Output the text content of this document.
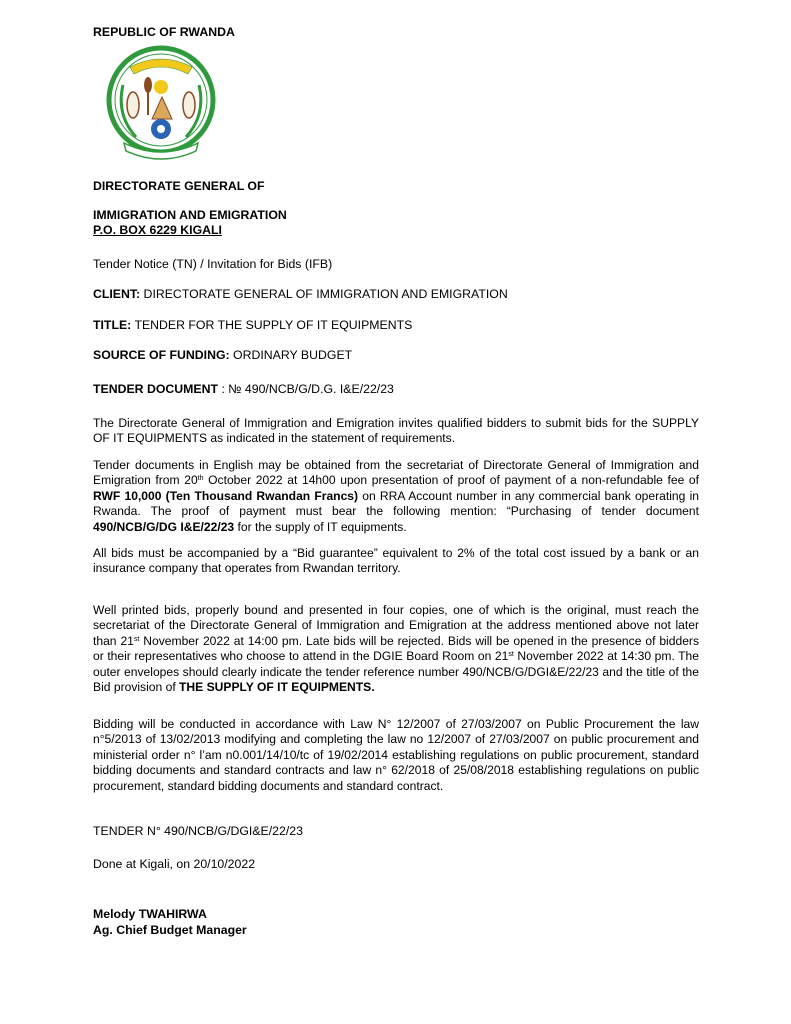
REPUBLIC OF RWANDA
DIRECTORATE GENERAL OF
IMMIGRATION AND EMIGRATION
P.O. BOX 6229 KIGALI
Tender Notice (TN) / Invitation for Bids (IFB)
CLIENT: DIRECTORATE GENERAL OF IMMIGRATION AND EMIGRATION
TITLE: TENDER FOR THE SUPPLY OF IT EQUIPMENTS
SOURCE OF FUNDING: ORDINARY BUDGET
TENDER DOCUMENT : № 490/NCB/G/D.G. I&E/22/23
The Directorate General of Immigration and Emigration invites qualified bidders to submit bids for the SUPPLY OF IT EQUIPMENTS as indicated in the statement of requirements.
Tender documents in English may be obtained from the secretariat of Directorate General of Immigration and Emigration from 20th October 2022 at 14h00 upon presentation of proof of payment of a non-refundable fee of RWF 10,000 (Ten Thousand Rwandan Francs) on RRA Account number in any commercial bank operating in Rwanda. The proof of payment must bear the following mention: “Purchasing of tender document 490/NCB/G/DG I&E/22/23 for the supply of IT equipments.
All bids must be accompanied by a “Bid guarantee” equivalent to 2% of the total cost issued by a bank or an insurance company that operates from Rwandan territory.
Well printed bids, properly bound and presented in four copies, one of which is the original, must reach the secretariat of the Directorate General of Immigration and Emigration at the address mentioned above not later than 21st November 2022 at 14:00 pm. Late bids will be rejected. Bids will be opened in the presence of bidders or their representatives who choose to attend in the DGIE Board Room on 21st November 2022 at 14:30 pm. The outer envelopes should clearly indicate the tender reference number 490/NCB/G/DGI&E/22/23 and the title of the Bid provision of THE SUPPLY OF IT EQUIPMENTS.
Bidding will be conducted in accordance with Law N° 12/2007 of 27/03/2007 on Public Procurement the law n°5/2013 of 13/02/2013 modifying and completing the law no 12/2007 of 27/03/2007 on public procurement and ministerial order n° l’am n0.001/14/10/tc of 19/02/2014 establishing regulations on public procurement, standard bidding documents and standard contracts and law n° 62/2018 of 25/08/2018 establishing regulations on public procurement, standard bidding documents and standard contract.
TENDER N° 490/NCB/G/DGI&E/22/23
Done at Kigali, on 20/10/2022
Melody TWAHIRWA
Ag. Chief Budget Manager
